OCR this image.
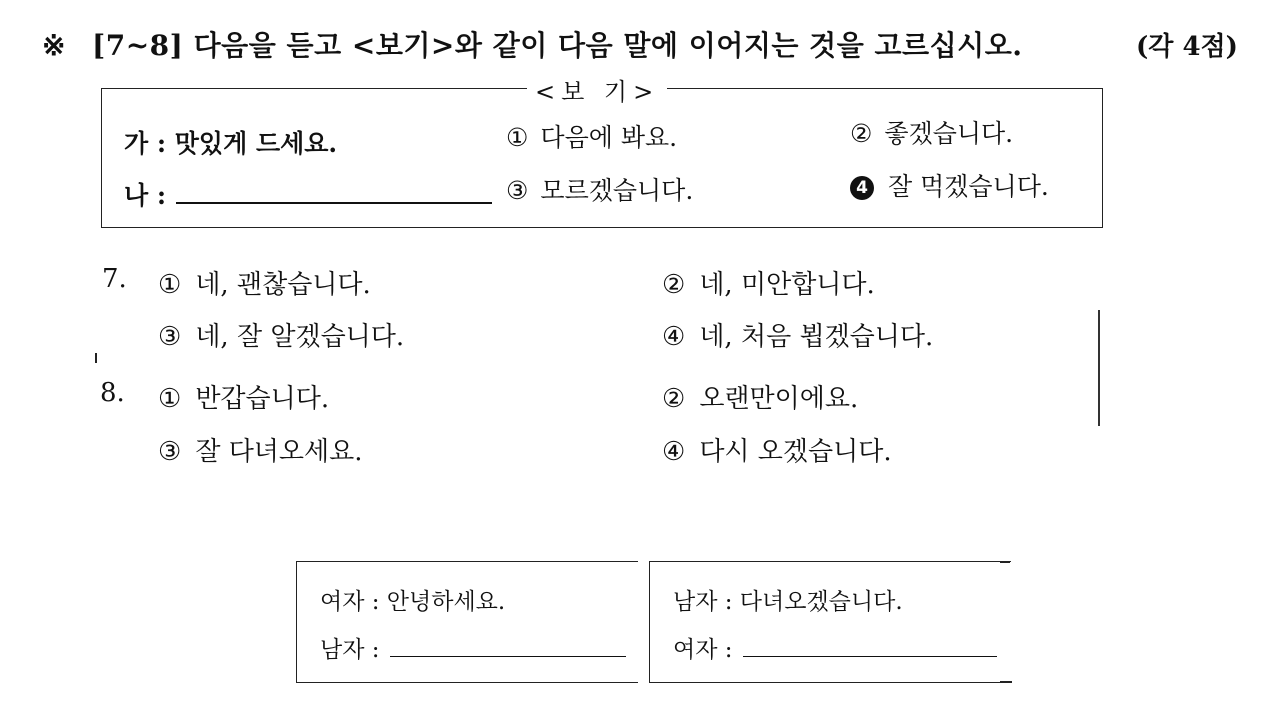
※ [7~8] 다음을 듣고 <보기>와 같이 다음 말에 이어지는 것을 고르십시오.	(각 4점)
<보 기>
가 : 맛있게 드세요.
나 :
① 다음에 봐요.	② 좋겠습니다.
③ 모르겠습니다.	4 잘 먹겠습니다.
7. ① 네, 괜찮습니다.	② 네, 미안합니다.
③ 네, 잘 알겠습니다.	④ 네, 처음 뵙겠습니다.
8. ① 반갑습니다.	② 오랜만이에요.
③ 잘 다녀오세요.	④ 다시 오겠습니다.
여자 : 안녕하세요.
남자 :
남자 : 다녀오겠습니다.
여자 :
